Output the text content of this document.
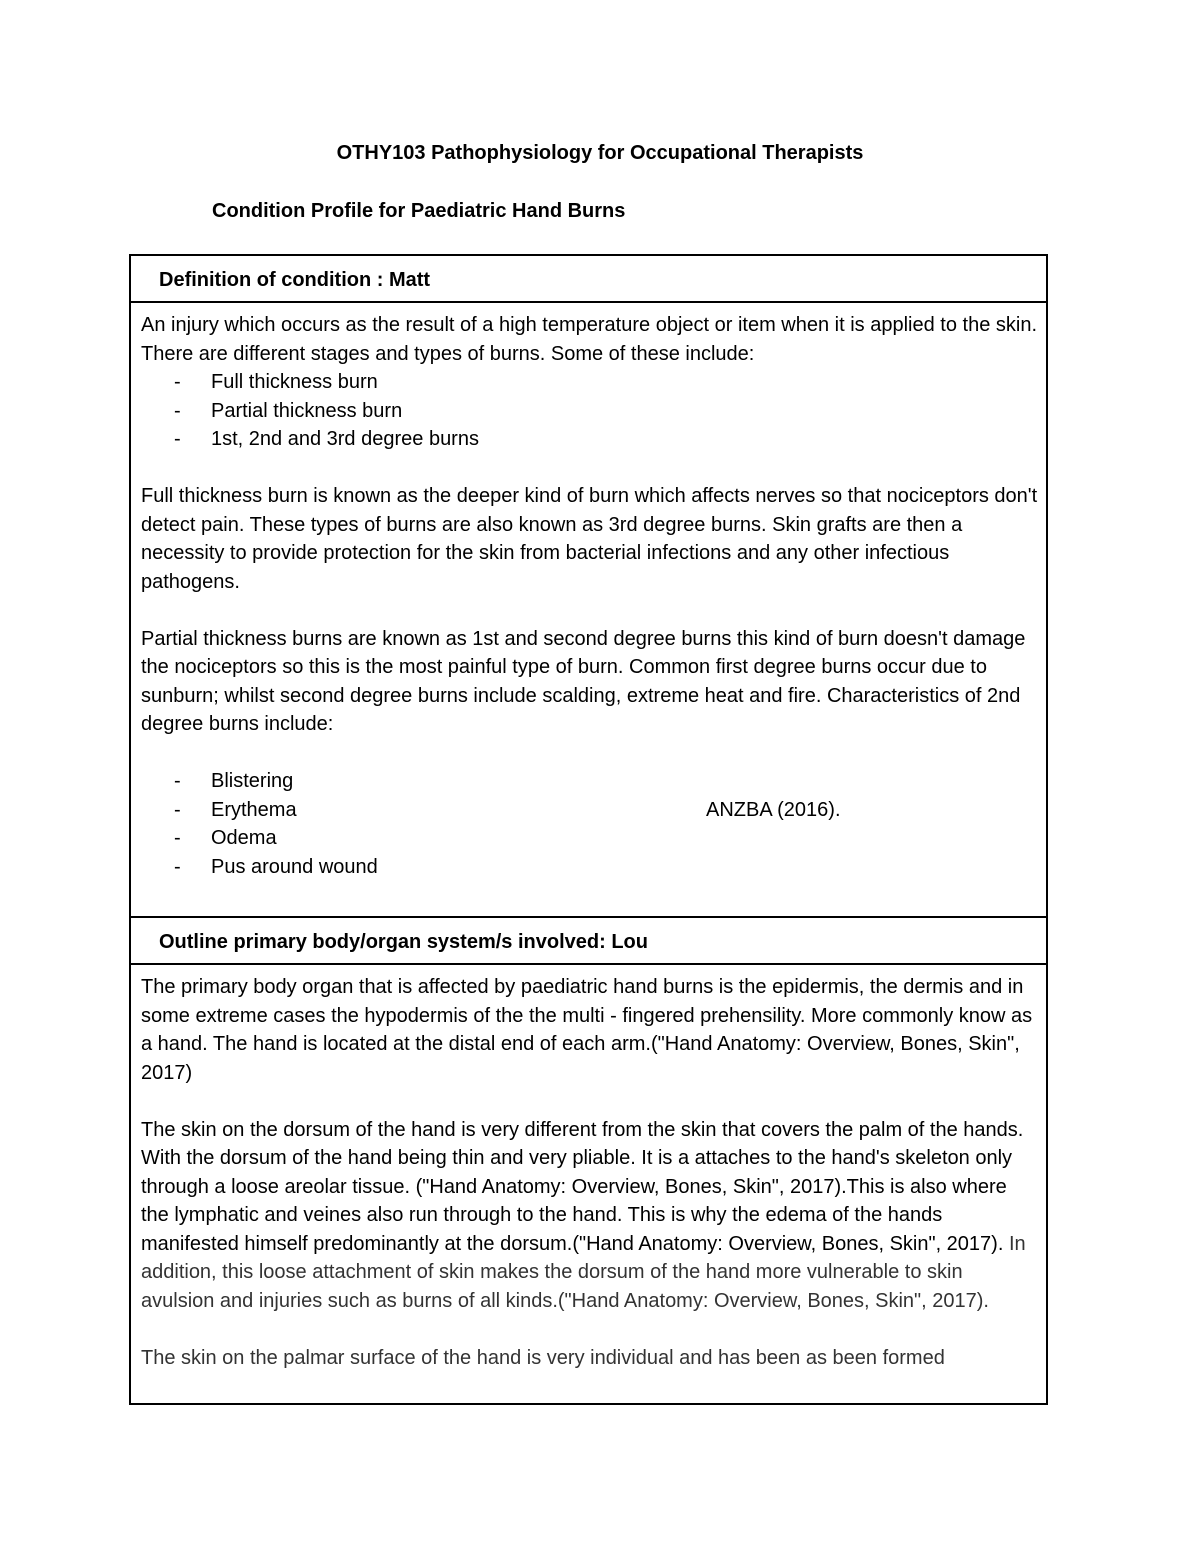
OTHY103 Pathophysiology for Occupational Therapists
Condition Profile for Paediatric Hand Burns
Definition of condition : Matt

An injury which occurs as the result of a high temperature object or item when it is applied to the skin. There are different stages and types of burns. Some of these include:

- Full thickness burn
- Partial thickness burn
- 1st, 2nd and 3rd degree burns

Full thickness burn is known as the deeper kind of burn which affects nerves so that nociceptors don't detect pain. These types of burns are also known as 3rd degree burns. Skin grafts are then a necessity to provide protection for the skin from bacterial infections and any other infectious pathogens.

Partial thickness burns are known as 1st and second degree burns this kind of burn doesn't damage the nociceptors so this is the most painful type of burn. Common first degree burns occur due to sunburn; whilst second degree burns include scalding, extreme heat and fire. Characteristics of 2nd degree burns include:

- Blistering
- Erythema	ANZBA (2016).
- Odema
- Pus around wound
Outline primary body/organ system/s involved: Lou

The primary body organ that is affected by paediatric hand burns is the epidermis, the dermis and in some extreme cases the hypodermis of the the multi - fingered prehensility. More commonly know as a hand. The hand is located at the distal end of each arm.("Hand Anatomy: Overview, Bones, Skin", 2017)

The skin on the dorsum of the hand is very different from the skin that covers the palm of the hands. With the dorsum of the hand being thin and very pliable. It is a attaches to the hand's skeleton only through a loose areolar tissue. ("Hand Anatomy: Overview, Bones, Skin", 2017).This is also where the lymphatic and veines also run through to the hand. This is why the edema of the hands manifested himself predominantly at the dorsum.("Hand Anatomy: Overview, Bones, Skin", 2017). In addition, this loose attachment of skin makes the dorsum of the hand more vulnerable to skin avulsion and injuries such as burns of all kinds.("Hand Anatomy: Overview, Bones, Skin", 2017).

The skin on the palmar surface of the hand is very individual and has been as been formed
